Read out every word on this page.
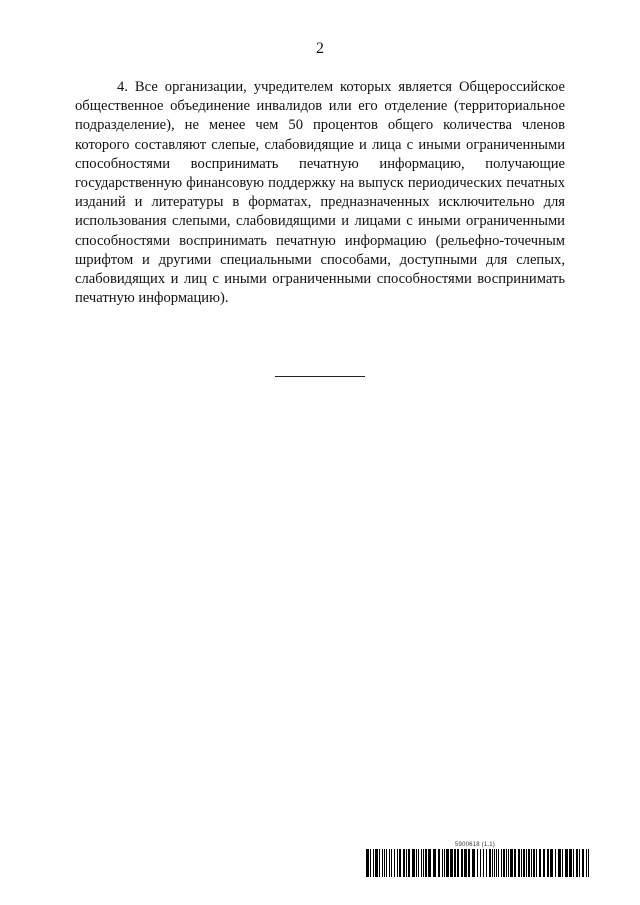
2

4. Все организации, учредителем которых является Общероссийское общественное объединение инвалидов или его отделение (территориальное подразделение), не менее чем 50 процентов общего количества членов которого составляют слепые, слабовидящие и лица с иными ограниченными способностями воспринимать печатную информацию, получающие государственную финансовую поддержку на выпуск периодических печатных изданий и литературы в форматах, предназначенных исключительно для использования слепыми, слабовидящими и лицами с иными ограниченными способностями воспринимать печатную информацию (рельефно-точечным шрифтом и другими специальными способами, доступными для слепых, слабовидящих и лиц с иными ограниченными способностями воспринимать печатную информацию).

5900618 (1.1)
